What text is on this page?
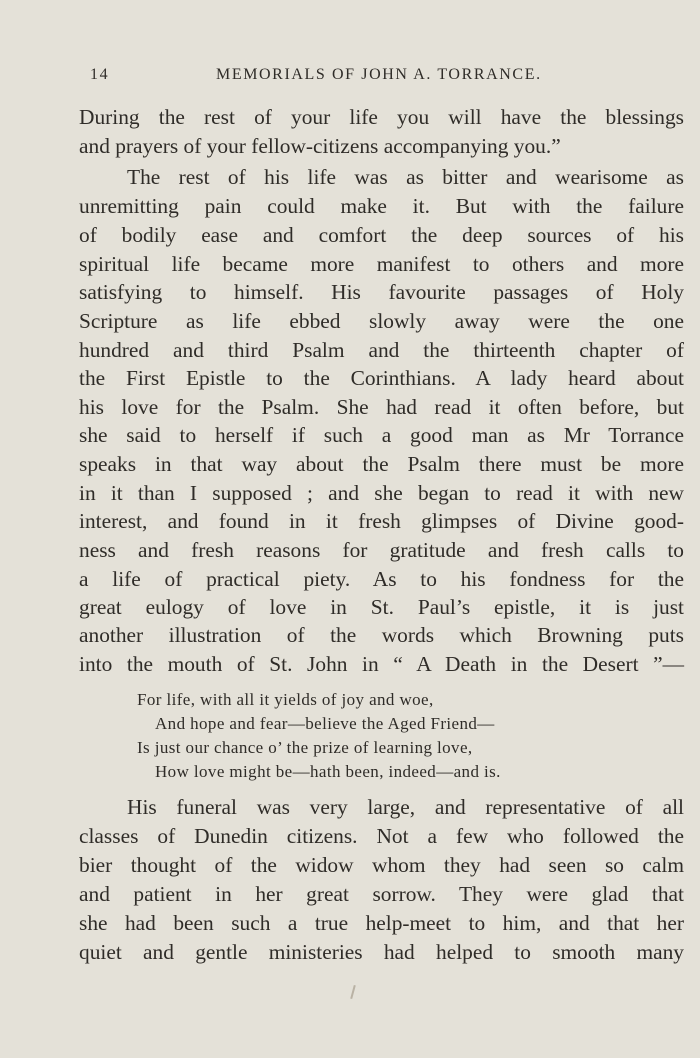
14	MEMORIALS OF JOHN A. TORRANCE.
During the rest of your life you will have the blessings
and prayers of your fellow-citizens accompanying you.”
The rest of his life was as bitter and wearisome as
unremitting pain could make it. But with the failure
of bodily ease and comfort the deep sources of his
spiritual life became more manifest to others and more
satisfying to himself. His favourite passages of Holy
Scripture as life ebbed slowly away were the one
hundred and third Psalm and the thirteenth chapter of
the First Epistle to the Corinthians. A lady heard about
his love for the Psalm. She had read it often before, but
she said to herself if such a good man as Mr Torrance
speaks in that way about the Psalm there must be more
in it than I supposed ; and she began to read it with new
interest, and found in it fresh glimpses of Divine good-
ness and fresh reasons for gratitude and fresh calls to
a life of practical piety. As to his fondness for the
great eulogy of love in St. Paul’s epistle, it is just
another illustration of the words which Browning puts
into the mouth of St. John in “ A Death in the Desert ”—
For life, with all it yields of joy and woe,
And hope and fear—believe the Aged Friend—
Is just our chance o’ the prize of learning love,
How love might be—hath been, indeed—and is.
His funeral was very large, and representative of all
classes of Dunedin citizens. Not a few who followed the
bier thought of the widow whom they had seen so calm
and patient in her great sorrow. They were glad that
she had been such a true help-meet to him, and that her
quiet and gentle ministeries had helped to smooth many
